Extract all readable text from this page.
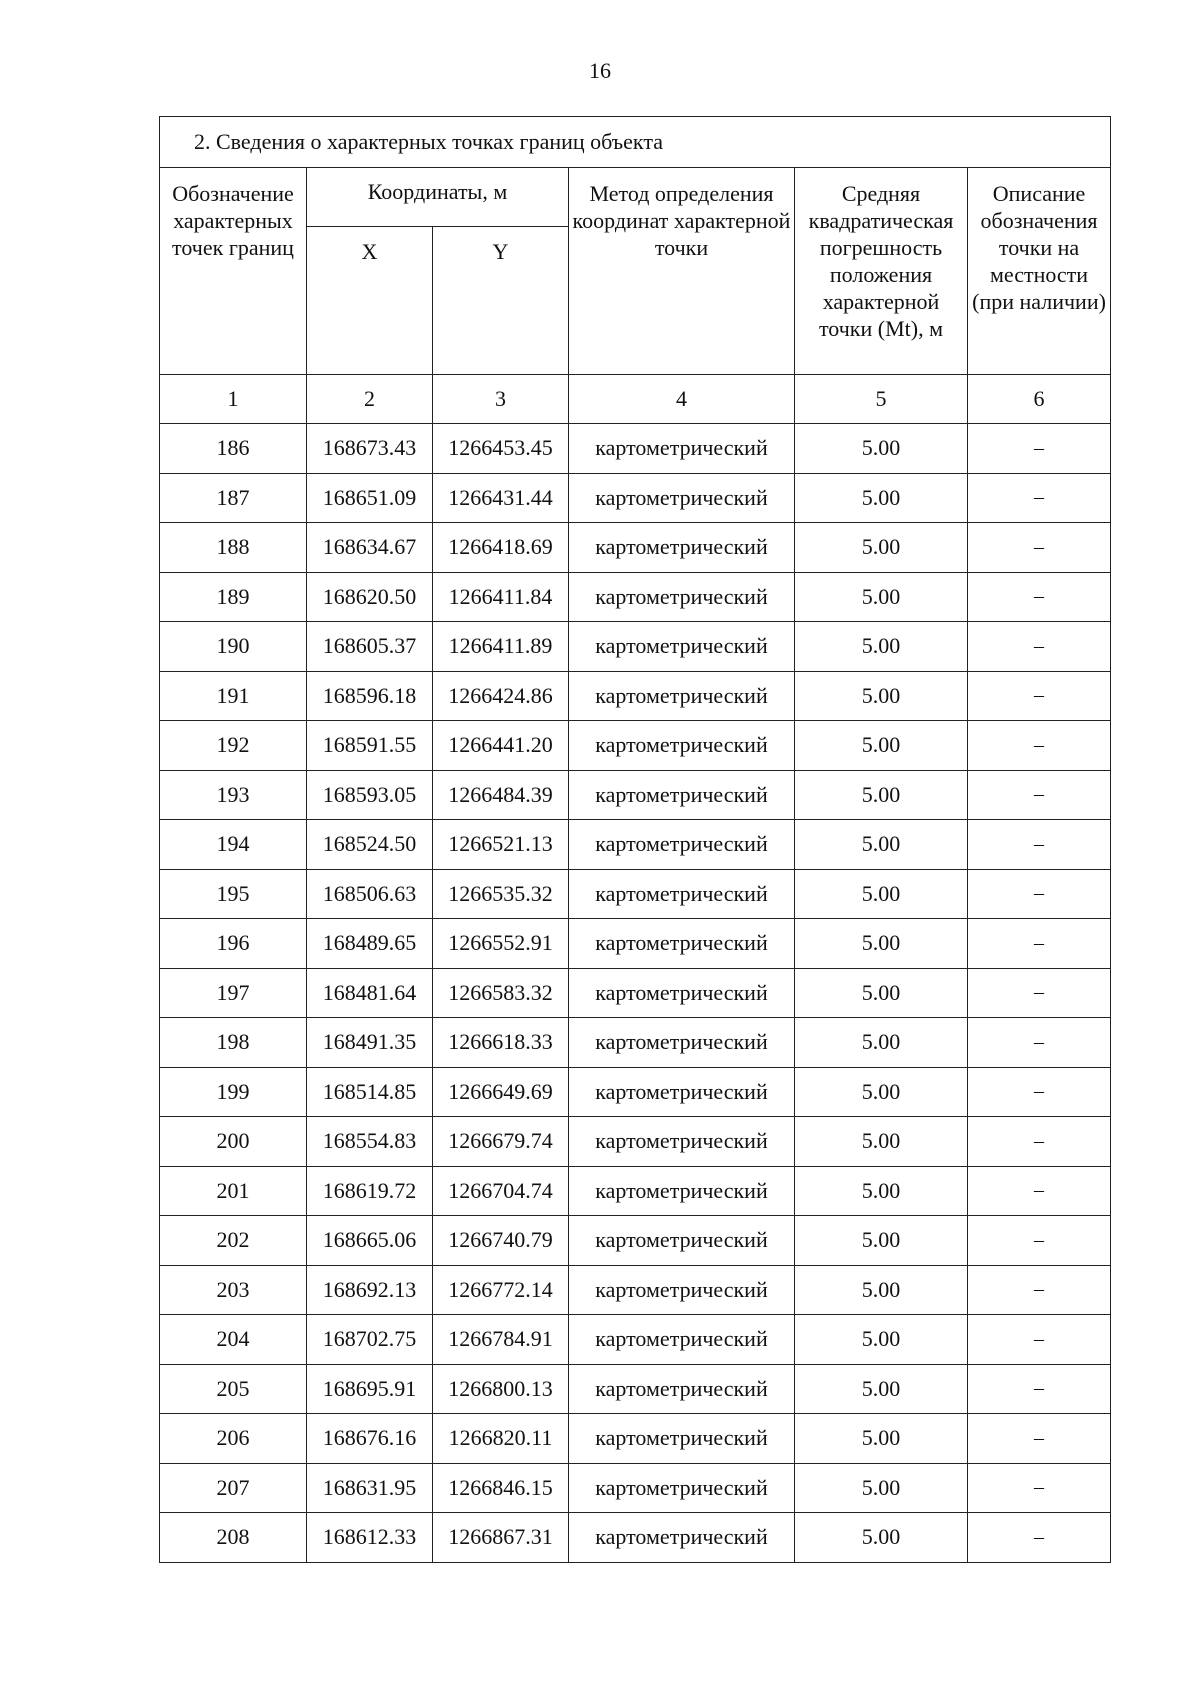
16
2. Сведения о характерных точках границ объекта					
Обозначение характерных точек границ	Координаты, м		Метод определения координат характерной точки	Средняя квадратическая погрешность положения характерной точки (Mt), м	Описание обозначения точки на местности (при наличии)
	X	Y			
1	2	3	4	5	6
186	168673.43	1266453.45	картометрический	5.00	–
187	168651.09	1266431.44	картометрический	5.00	–
188	168634.67	1266418.69	картометрический	5.00	–
189	168620.50	1266411.84	картометрический	5.00	–
190	168605.37	1266411.89	картометрический	5.00	–
191	168596.18	1266424.86	картометрический	5.00	–
192	168591.55	1266441.20	картометрический	5.00	–
193	168593.05	1266484.39	картометрический	5.00	–
194	168524.50	1266521.13	картометрический	5.00	–
195	168506.63	1266535.32	картометрический	5.00	–
196	168489.65	1266552.91	картометрический	5.00	–
197	168481.64	1266583.32	картометрический	5.00	–
198	168491.35	1266618.33	картометрический	5.00	–
199	168514.85	1266649.69	картометрический	5.00	–
200	168554.83	1266679.74	картометрический	5.00	–
201	168619.72	1266704.74	картометрический	5.00	–
202	168665.06	1266740.79	картометрический	5.00	–
203	168692.13	1266772.14	картометрический	5.00	–
204	168702.75	1266784.91	картометрический	5.00	–
205	168695.91	1266800.13	картометрический	5.00	–
206	168676.16	1266820.11	картометрический	5.00	–
207	168631.95	1266846.15	картометрический	5.00	–
208	168612.33	1266867.31	картометрический	5.00	–
